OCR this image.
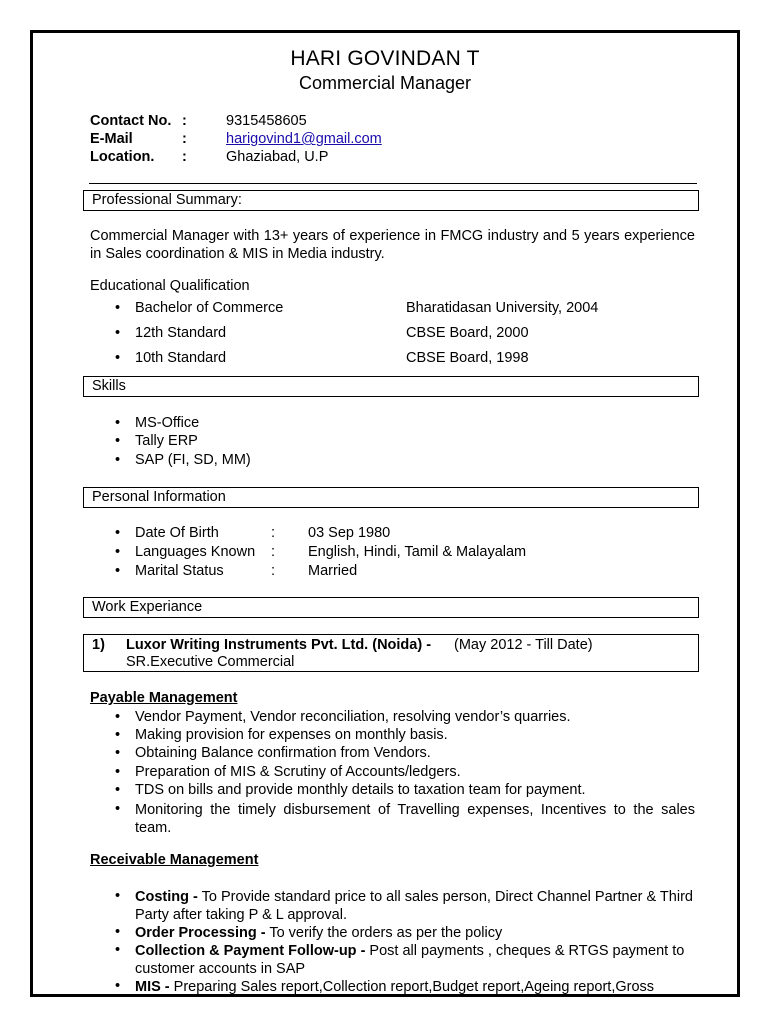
HARI GOVINDAN T
Commercial Manager
Contact No. :	9315458605
E-Mail	:	harigovind1@gmail.com
Location. :	Ghaziabad, U.P
Professional Summary:
Commercial Manager with 13+ years of experience in FMCG industry and 5 years experience in Sales coordination & MIS in Media industry.
Educational Qualification
• Bachelor of Commerce	Bharatidasan University, 2004
• 12th Standard	CBSE Board, 2000
• 10th Standard	CBSE Board, 1998
Skills
• MS-Office
• Tally ERP
• SAP (FI, SD, MM)
Personal Information
• Date Of Birth	: 03 Sep 1980
• Languages Known : English, Hindi, Tamil & Malayalam
• Marital Status	: Married
Work Experiance
1) Luxor Writing Instruments Pvt. Ltd. (Noida) - (May 2012 - Till Date)
SR.Executive Commercial
Payable Management
• Vendor Payment, Vendor reconciliation, resolving vendor’s quarries.
• Making provision for expenses on monthly basis.
• Obtaining Balance confirmation from Vendors.
• Preparation of MIS & Scrutiny of Accounts/ledgers.
• TDS on bills and provide monthly details to taxation team for payment.
• Monitoring the timely disbursement of Travelling expenses, Incentives to the sales team.
Receivable Management
• Costing - To Provide standard price to all sales person, Direct Channel Partner & Third Party after taking P & L approval.
• Order Processing - To verify the orders as per the policy
• Collection & Payment Follow-up - Post all payments , cheques & RTGS payment to customer accounts in SAP
• MIS - Preparing Sales report,Collection report,Budget report,Ageing report,Gross
